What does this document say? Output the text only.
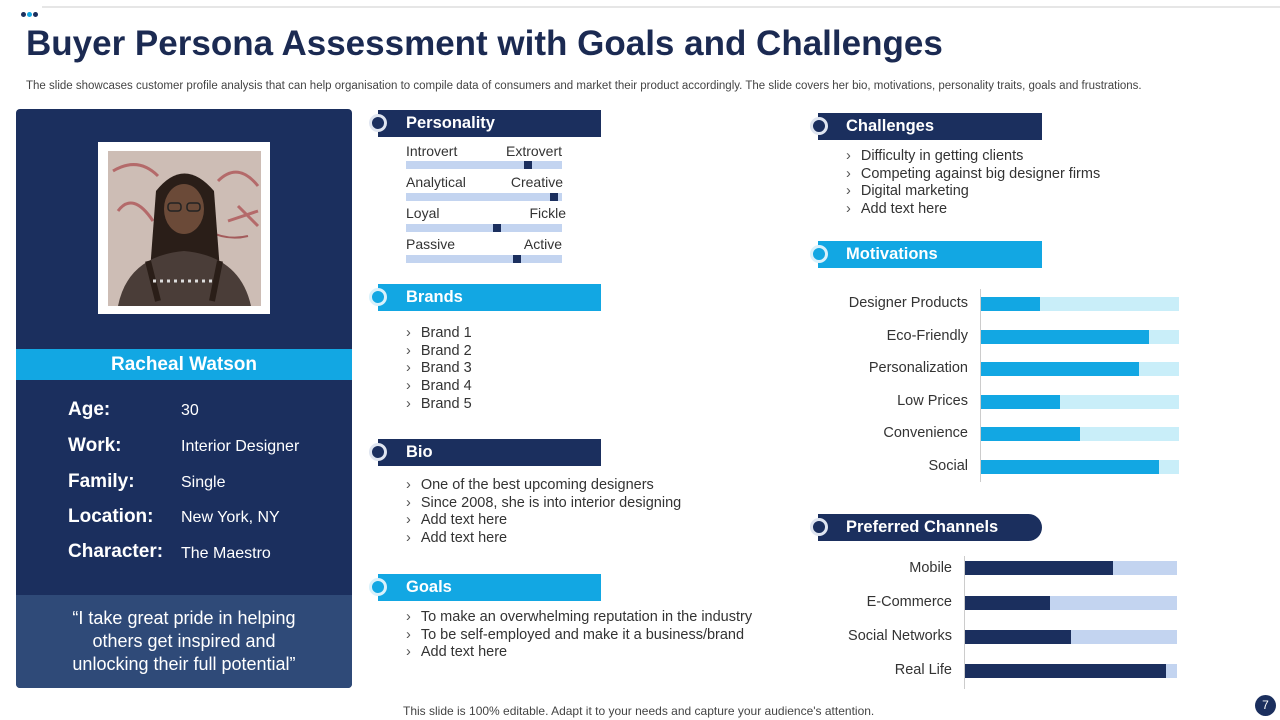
Buyer Persona Assessment with Goals and Challenges
The slide showcases customer profile analysis that can help organisation to compile data of consumers and market their product accordingly. The slide covers her bio, motivations, personality traits, goals and frustrations.
Racheal Watson
Age:	30
Work:	Interior Designer
Family:	Single
Location: New York, NY
Character: The Maestro
“I take great pride in helping
others get inspired and
unlocking their full potential”
Personality
Introvert	Extrovert
Analytical	Creative
Loyal	Fickle
Passive	Active
Brands
› Brand 1
› Brand 2
› Brand 3
› Brand 4
› Brand 5
Bio
› One of the best upcoming designers
› Since 2008, she is into interior designing
› Add text here
› Add text here
Goals
› To make an overwhelming reputation in the industry
› To be self-employed and make it a business/brand
› Add text here
Challenges
› Difficulty in getting clients
› Competing against big designer firms
› Digital marketing
› Add text here
Motivations
Designer Products
Eco-Friendly
Personalization
Low Prices
Convenience
Social
Preferred Channels
Mobile
E-Commerce
Social Networks
Real Life
This slide is 100% editable. Adapt it to your needs and capture your audience's attention.	7
